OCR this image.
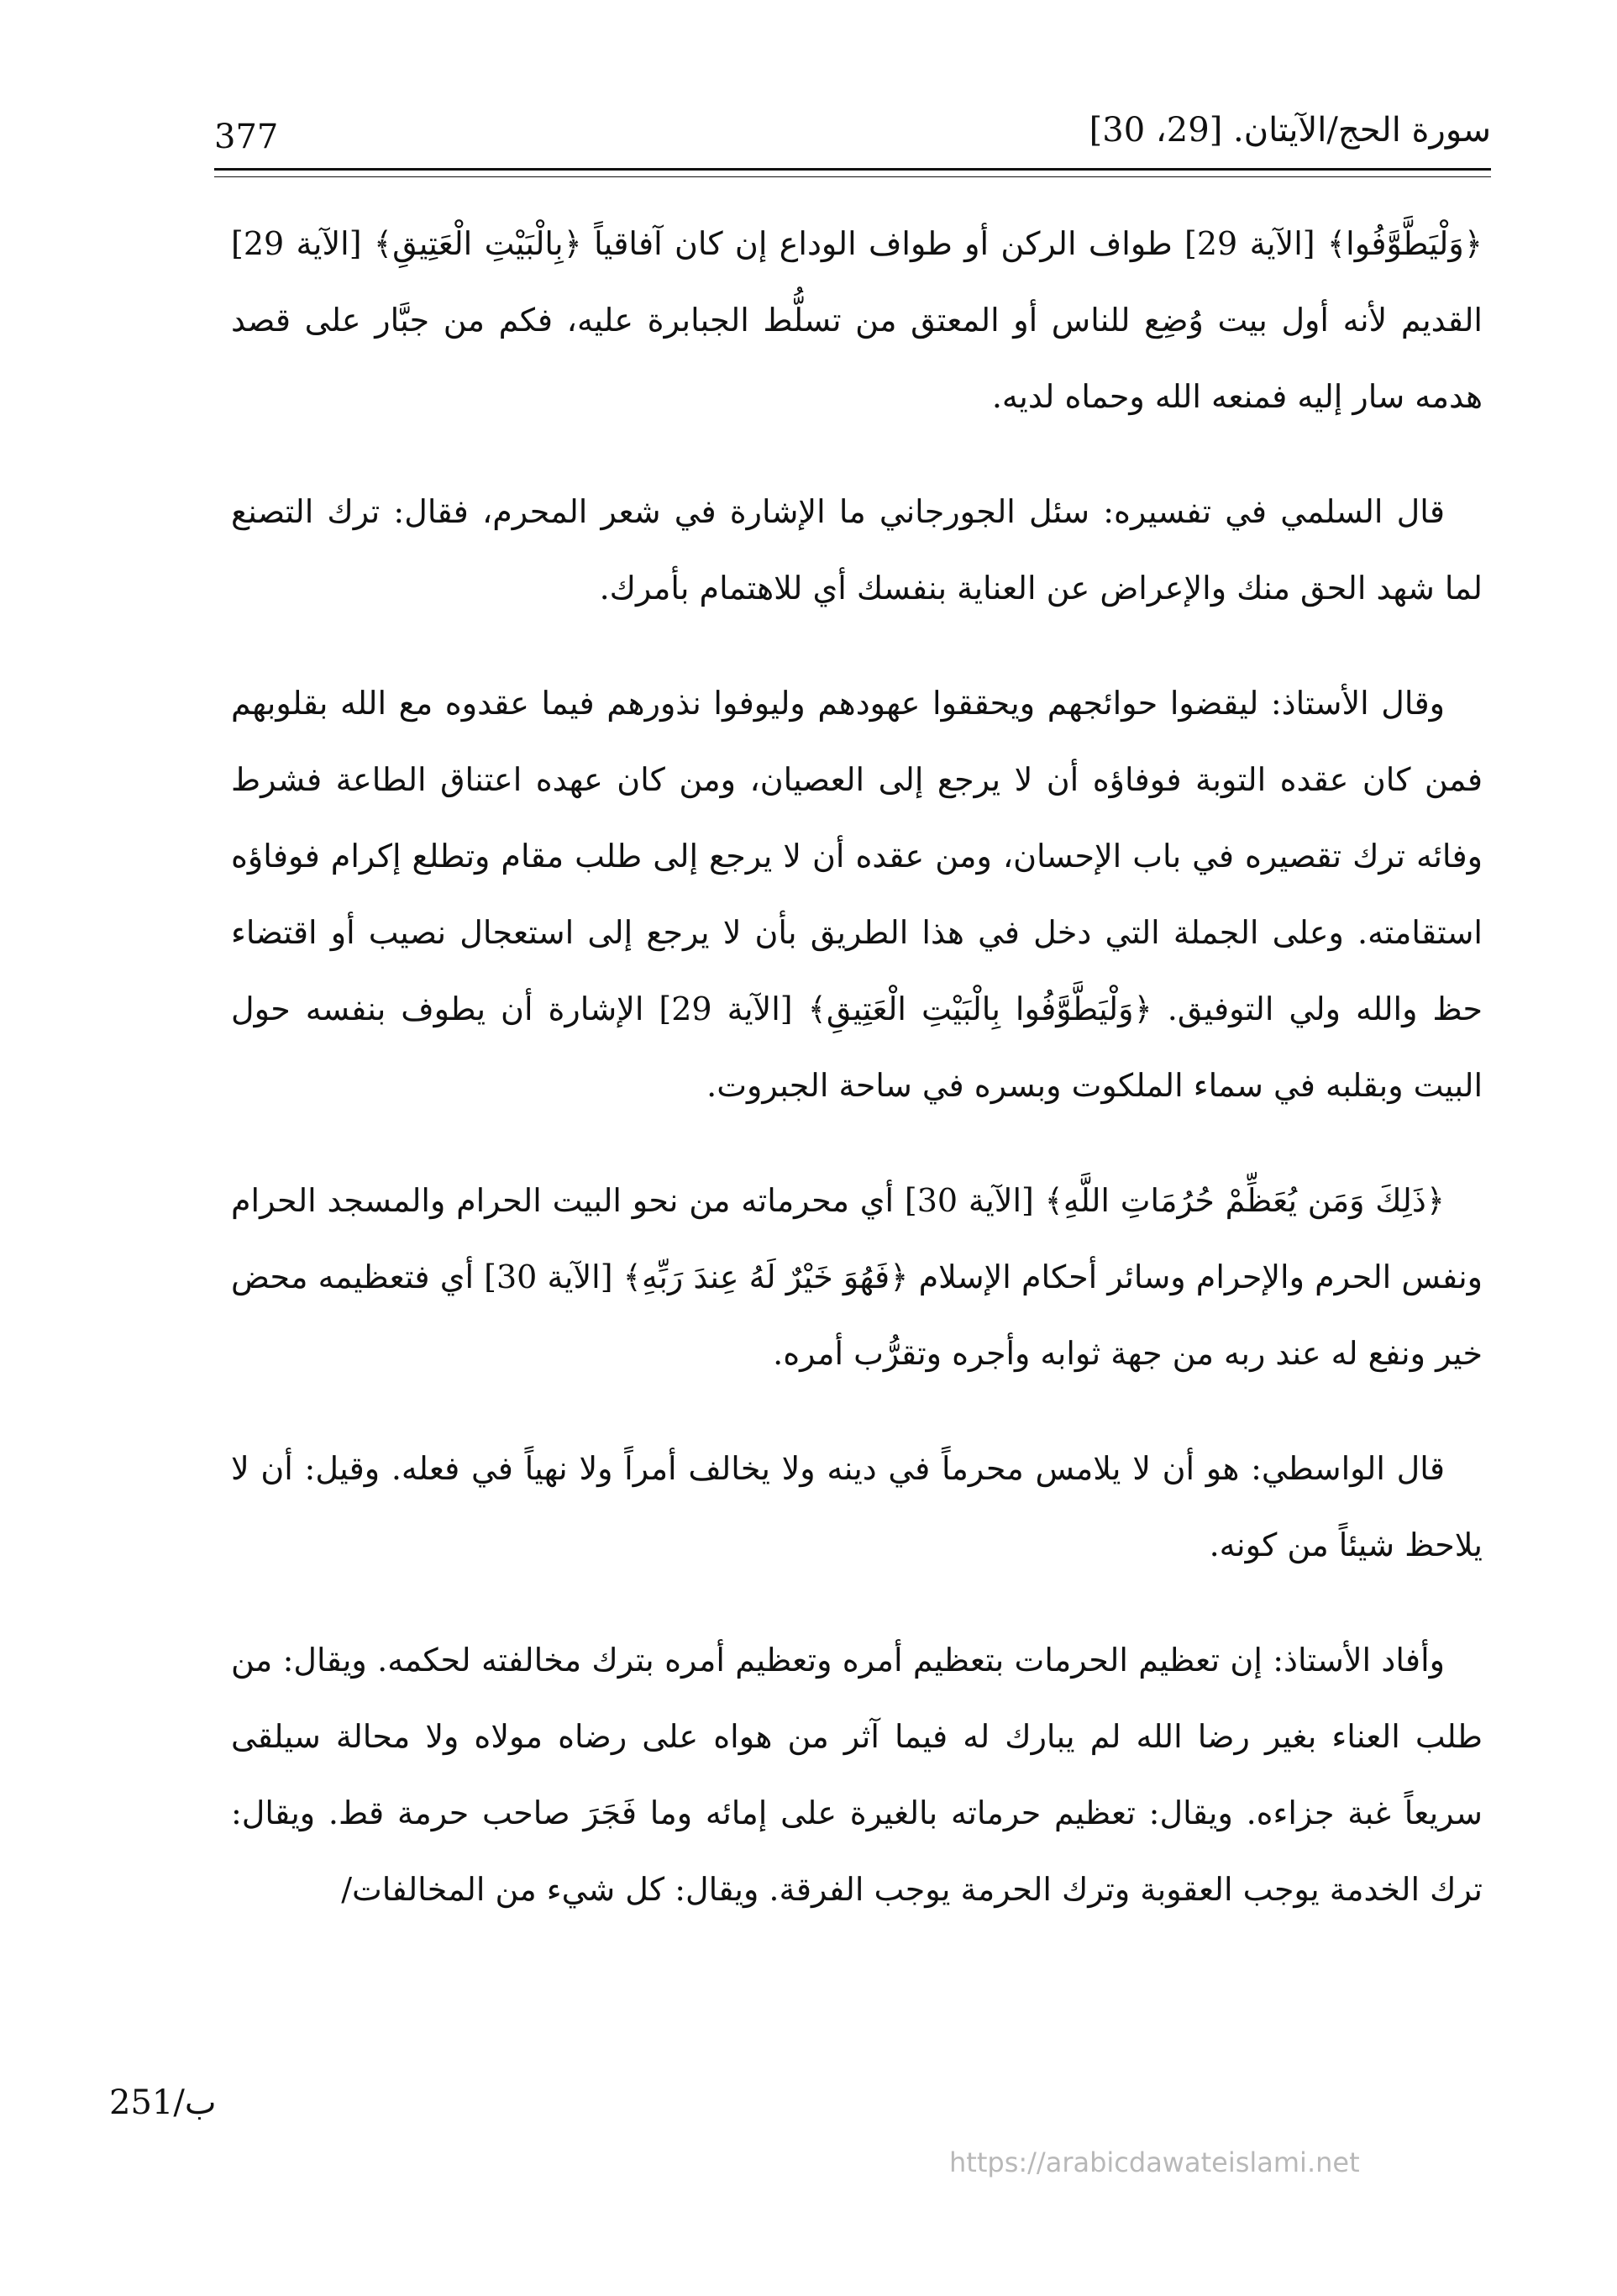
377	سورة الحج/الآيتان. [29، 30]

﴿وَلْيَطَّوَّفُوا﴾ [الآية 29] طواف الركن أو طواف الوداع إن كان آفاقياً ﴿بِالْبَيْتِ الْعَتِيقِ﴾ [الآية 29] القديم لأنه أول بيت وُضِع للناس أو المعتق من تسلُّط الجبابرة عليه، فكم من جبَّار على قصد هدمه سار إليه فمنعه الله وحماه لديه.

قال السلمي في تفسيره: سئل الجورجاني ما الإشارة في شعر المحرم، فقال: ترك التصنع لما شهد الحق منك والإعراض عن العناية بنفسك أي للاهتمام بأمرك.

وقال الأستاذ: ليقضوا حوائجهم ويحققوا عهودهم وليوفوا نذورهم فيما عقدوه مع الله بقلوبهم فمن كان عقده التوبة فوفاؤه أن لا يرجع إلى العصيان، ومن كان عهده اعتناق الطاعة فشرط وفائه ترك تقصيره في باب الإحسان، ومن عقده أن لا يرجع إلى طلب مقام وتطلع إكرام فوفاؤه استقامته. وعلى الجملة التي دخل في هذا الطريق بأن لا يرجع إلى استعجال نصيب أو اقتضاء حظ والله ولي التوفيق. ﴿وَلْيَطَّوَّفُوا بِالْبَيْتِ الْعَتِيقِ﴾ [الآية 29] الإشارة أن يطوف بنفسه حول البيت وبقلبه في سماء الملكوت وبسره في ساحة الجبروت.

﴿ذَلِكَ وَمَن يُعَظِّمْ حُرُمَاتِ اللَّهِ﴾ [الآية 30] أي محرماته من نحو البيت الحرام والمسجد الحرام ونفس الحرم والإحرام وسائر أحكام الإسلام ﴿فَهُوَ خَيْرٌ لَهُ عِندَ رَبِّهِ﴾ [الآية 30] أي فتعظيمه محض خير ونفع له عند ربه من جهة ثوابه وأجره وتقرُّب أمره.

قال الواسطي: هو أن لا يلامس محرماً في دينه ولا يخالف أمراً ولا نهياً في فعله. وقيل: أن لا يلاحظ شيئاً من كونه.

وأفاد الأستاذ: إن تعظيم الحرمات بتعظيم أمره وتعظيم أمره بترك مخالفته لحكمه. ويقال: من طلب العناء بغير رضا الله لم يبارك له فيما آثر من هواه على رضاه مولاه ولا محالة سيلقى سريعاً غبة جزاءه. ويقال: تعظيم حرماته بالغيرة على إمائه وما فَجَرَ صاحب حرمة قط. ويقال: ترك الخدمة يوجب العقوبة وترك الحرمة يوجب الفرقة. ويقال: كل شيء من المخالفات/

251/ب
https://arabicdawateislami.net
